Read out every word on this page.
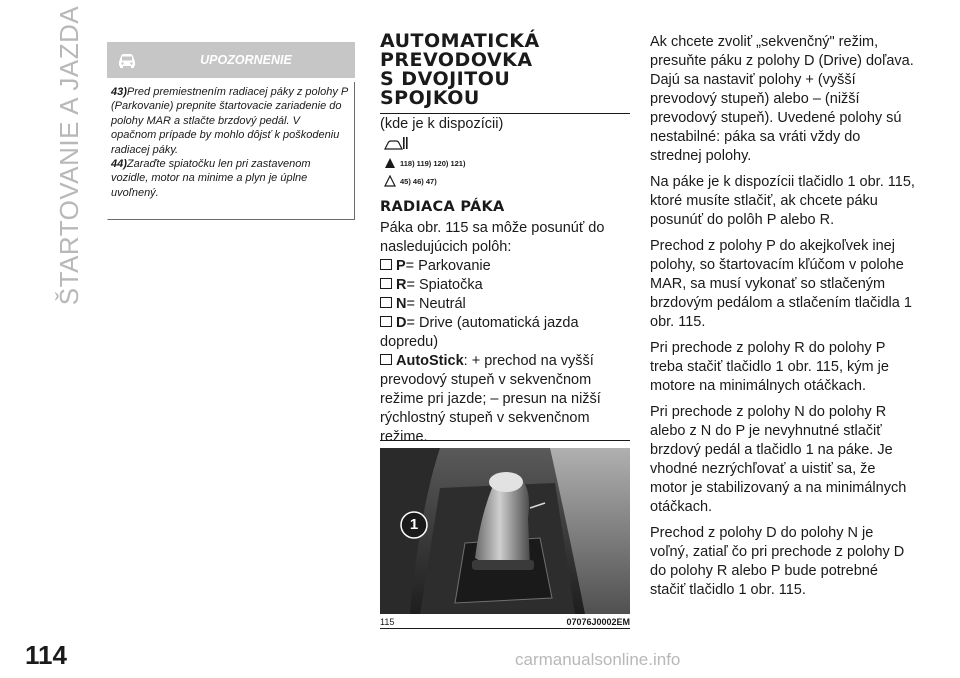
ŠTARTOVANIE A JAZDA
114
UPOZORNENIE

43)Pred premiestnením radiacej páky z polohy P (Parkovanie) prepnite štartovacie zariadenie do polohy MAR a stlačte brzdový pedál. V opačnom prípade by mohlo dôjsť k poškodeniu radiacej páky.

44)Zaraďte spiatočku len pri zastavenom vozidle, motor na minime a plyn je úplne uvoľnený.

AUTOMATICKÁ
PREVODOVKA
S DVOJITOU
SPOJKOU
(kde je k dispozícii)
118) 119) 120) 121)
45) 46) 47)
RADIACA PÁKA

Páka obr. 115 sa môže posunúť do nasledujúcich polôh:

P= Parkovanie

R= Spiatočka

N= Neutrál

D= Drive (automatická jazda dopredu)

AutoStick: + prechod na vyšší prevodový stupeň v sekvenčnom režime pri jazde; – presun na nižší rýchlostný stupeň v sekvenčnom režime.

1
115	07076J0002EM

Ak chcete zvoliť „sekvenčný" režim, presuňte páku z polohy D (Drive) doľava. Dajú sa nastaviť polohy + (vyšší prevodový stupeň) alebo – (nižší prevodový stupeň). Uvedené polohy sú nestabilné: páka sa vráti vždy do strednej polohy.

Na páke je k dispozícii tlačidlo 1 obr. 115, ktoré musíte stlačiť, ak chcete páku posunúť do polôh P alebo R.

Prechod z polohy P do akejkoľvek inej polohy, so štartovacím kľúčom v polohe MAR, sa musí vykonať so stlačeným brzdovým pedálom a stlačením tlačidla 1 obr. 115.

Pri prechode z polohy R do polohy P treba stačiť tlačidlo 1 obr. 115, kým je motore na minimálnych otáčkach.

Pri prechode z polohy N do polohy R alebo z N do P je nevyhnutné stlačiť brzdový pedál a tlačidlo 1 na páke. Je vhodné nezrýchľovať a uistiť sa, že motor je stabilizovaný a na minimálnych otáčkach.

Prechod z polohy D do polohy N je voľný, zatiaľ čo pri prechode z polohy D do polohy R alebo P bude potrebné stačiť tlačidlo 1 obr. 115.

carmanualsonline.info
